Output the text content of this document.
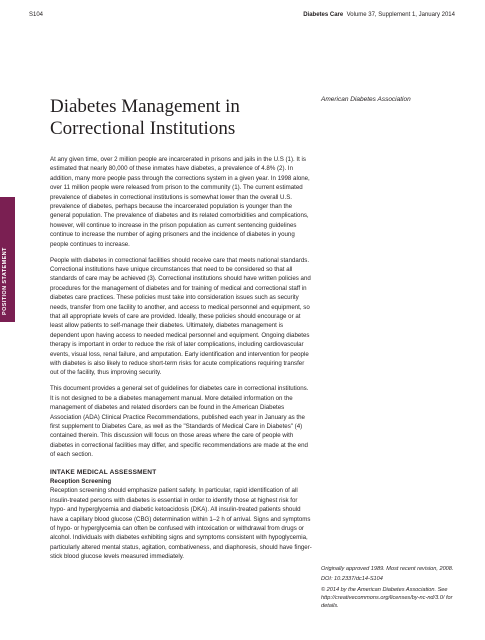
S104	Diabetes Care Volume 37, Supplement 1, January 2014
POSITION STATEMENT
Diabetes Management in Correctional Institutions
American Diabetes Association

At any given time, over 2 million people are incarcerated in prisons and jails in the U.S (1). It is estimated that nearly 80,000 of these inmates have diabetes, a prevalence of 4.8% (2). In addition, many more people pass through the corrections system in a given year. In 1998 alone, over 11 million people were released from prison to the community (1). The current estimated prevalence of diabetes in correctional institutions is somewhat lower than the overall U.S. prevalence of diabetes, perhaps because the incarcerated population is younger than the general population. The prevalence of diabetes and its related comorbidities and complications, however, will continue to increase in the prison population as current sentencing guidelines continue to increase the number of aging prisoners and the incidence of diabetes in young people continues to increase.

People with diabetes in correctional facilities should receive care that meets national standards. Correctional institutions have unique circumstances that need to be considered so that all standards of care may be achieved (3). Correctional institutions should have written policies and procedures for the management of diabetes and for training of medical and correctional staff in diabetes care practices. These policies must take into consideration issues such as security needs, transfer from one facility to another, and access to medical personnel and equipment, so that all appropriate levels of care are provided. Ideally, these policies should encourage or at least allow patients to self-manage their diabetes. Ultimately, diabetes management is dependent upon having access to needed medical personnel and equipment. Ongoing diabetes therapy is important in order to reduce the risk of later complications, including cardiovascular events, visual loss, renal failure, and amputation. Early identification and intervention for people with diabetes is also likely to reduce short-term risks for acute complications requiring transfer out of the facility, thus improving security.

This document provides a general set of guidelines for diabetes care in correctional institutions. It is not designed to be a diabetes management manual. More detailed information on the management of diabetes and related disorders can be found in the American Diabetes Association (ADA) Clinical Practice Recommendations, published each year in January as the first supplement to Diabetes Care, as well as the "Standards of Medical Care in Diabetes" (4) contained therein. This discussion will focus on those areas where the care of people with diabetes in correctional facilities may differ, and specific recommendations are made at the end of each section.

INTAKE MEDICAL ASSESSMENT

Reception Screening

Reception screening should emphasize patient safety. In particular, rapid identification of all insulin-treated persons with diabetes is essential in order to identify those at highest risk for hypo- and hyperglycemia and diabetic ketoacidosis (DKA). All insulin-treated patients should have a capillary blood glucose (CBG) determination within 1–2 h of arrival. Signs and symptoms of hypo- or hyperglycemia can often be confused with intoxication or withdrawal from drugs or alcohol. Individuals with diabetes exhibiting signs and symptoms consistent with hypoglycemia, particularly altered mental status, agitation, combativeness, and diaphoresis, should have finger-stick blood glucose levels measured immediately.

Originally approved 1989. Most recent revision, 2008.
DOI: 10.2337/dc14-S104
© 2014 by the American Diabetes Association. See http://creativecommons.org/licenses/by-nc-nd/3.0/ for details.
